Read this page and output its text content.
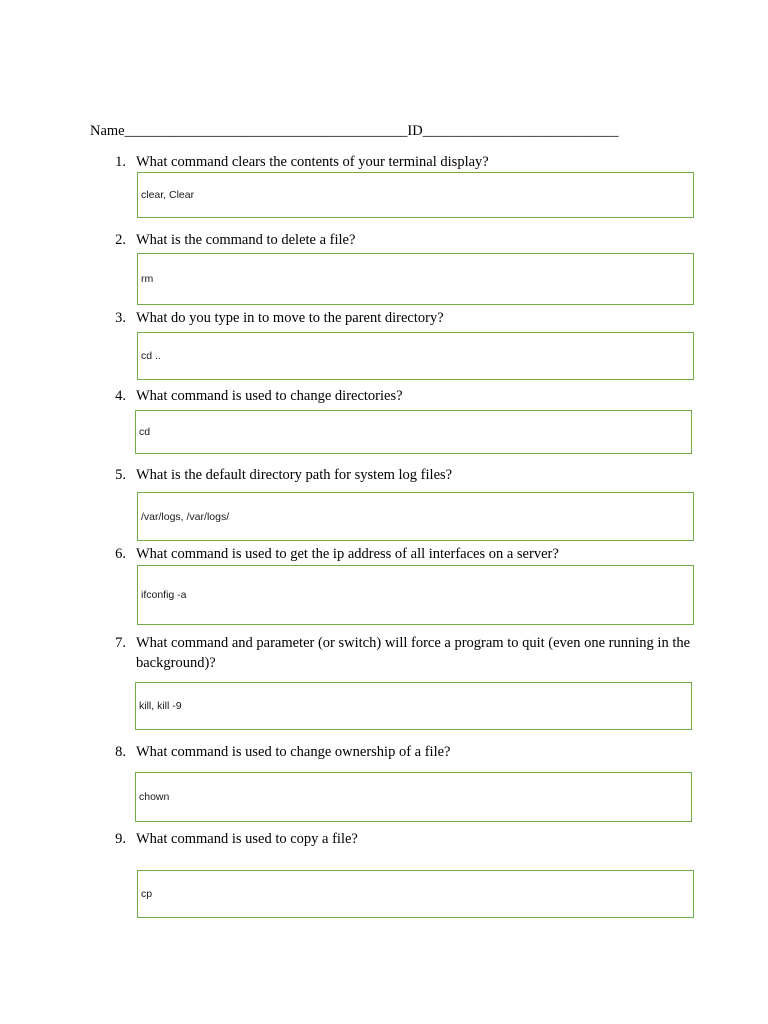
Name_______________________________________ID___________________________
1. What command clears the contents of your terminal display?
clear, Clear
2. What is the command to delete a file?
rm
3. What do you type in to move to the parent directory?
cd ..
4. What command is used to change directories?
cd
5. What is the default directory path for system log files?
/var/logs, /var/logs/
6. What command is used to get the ip address of all interfaces on a server?
ifconfig -a
7. What command and parameter (or switch) will force a program to quit (even one running in the background)?
kill, kill -9
8. What command is used to change ownership of a file?
chown
9. What command is used to copy a file?
cp
